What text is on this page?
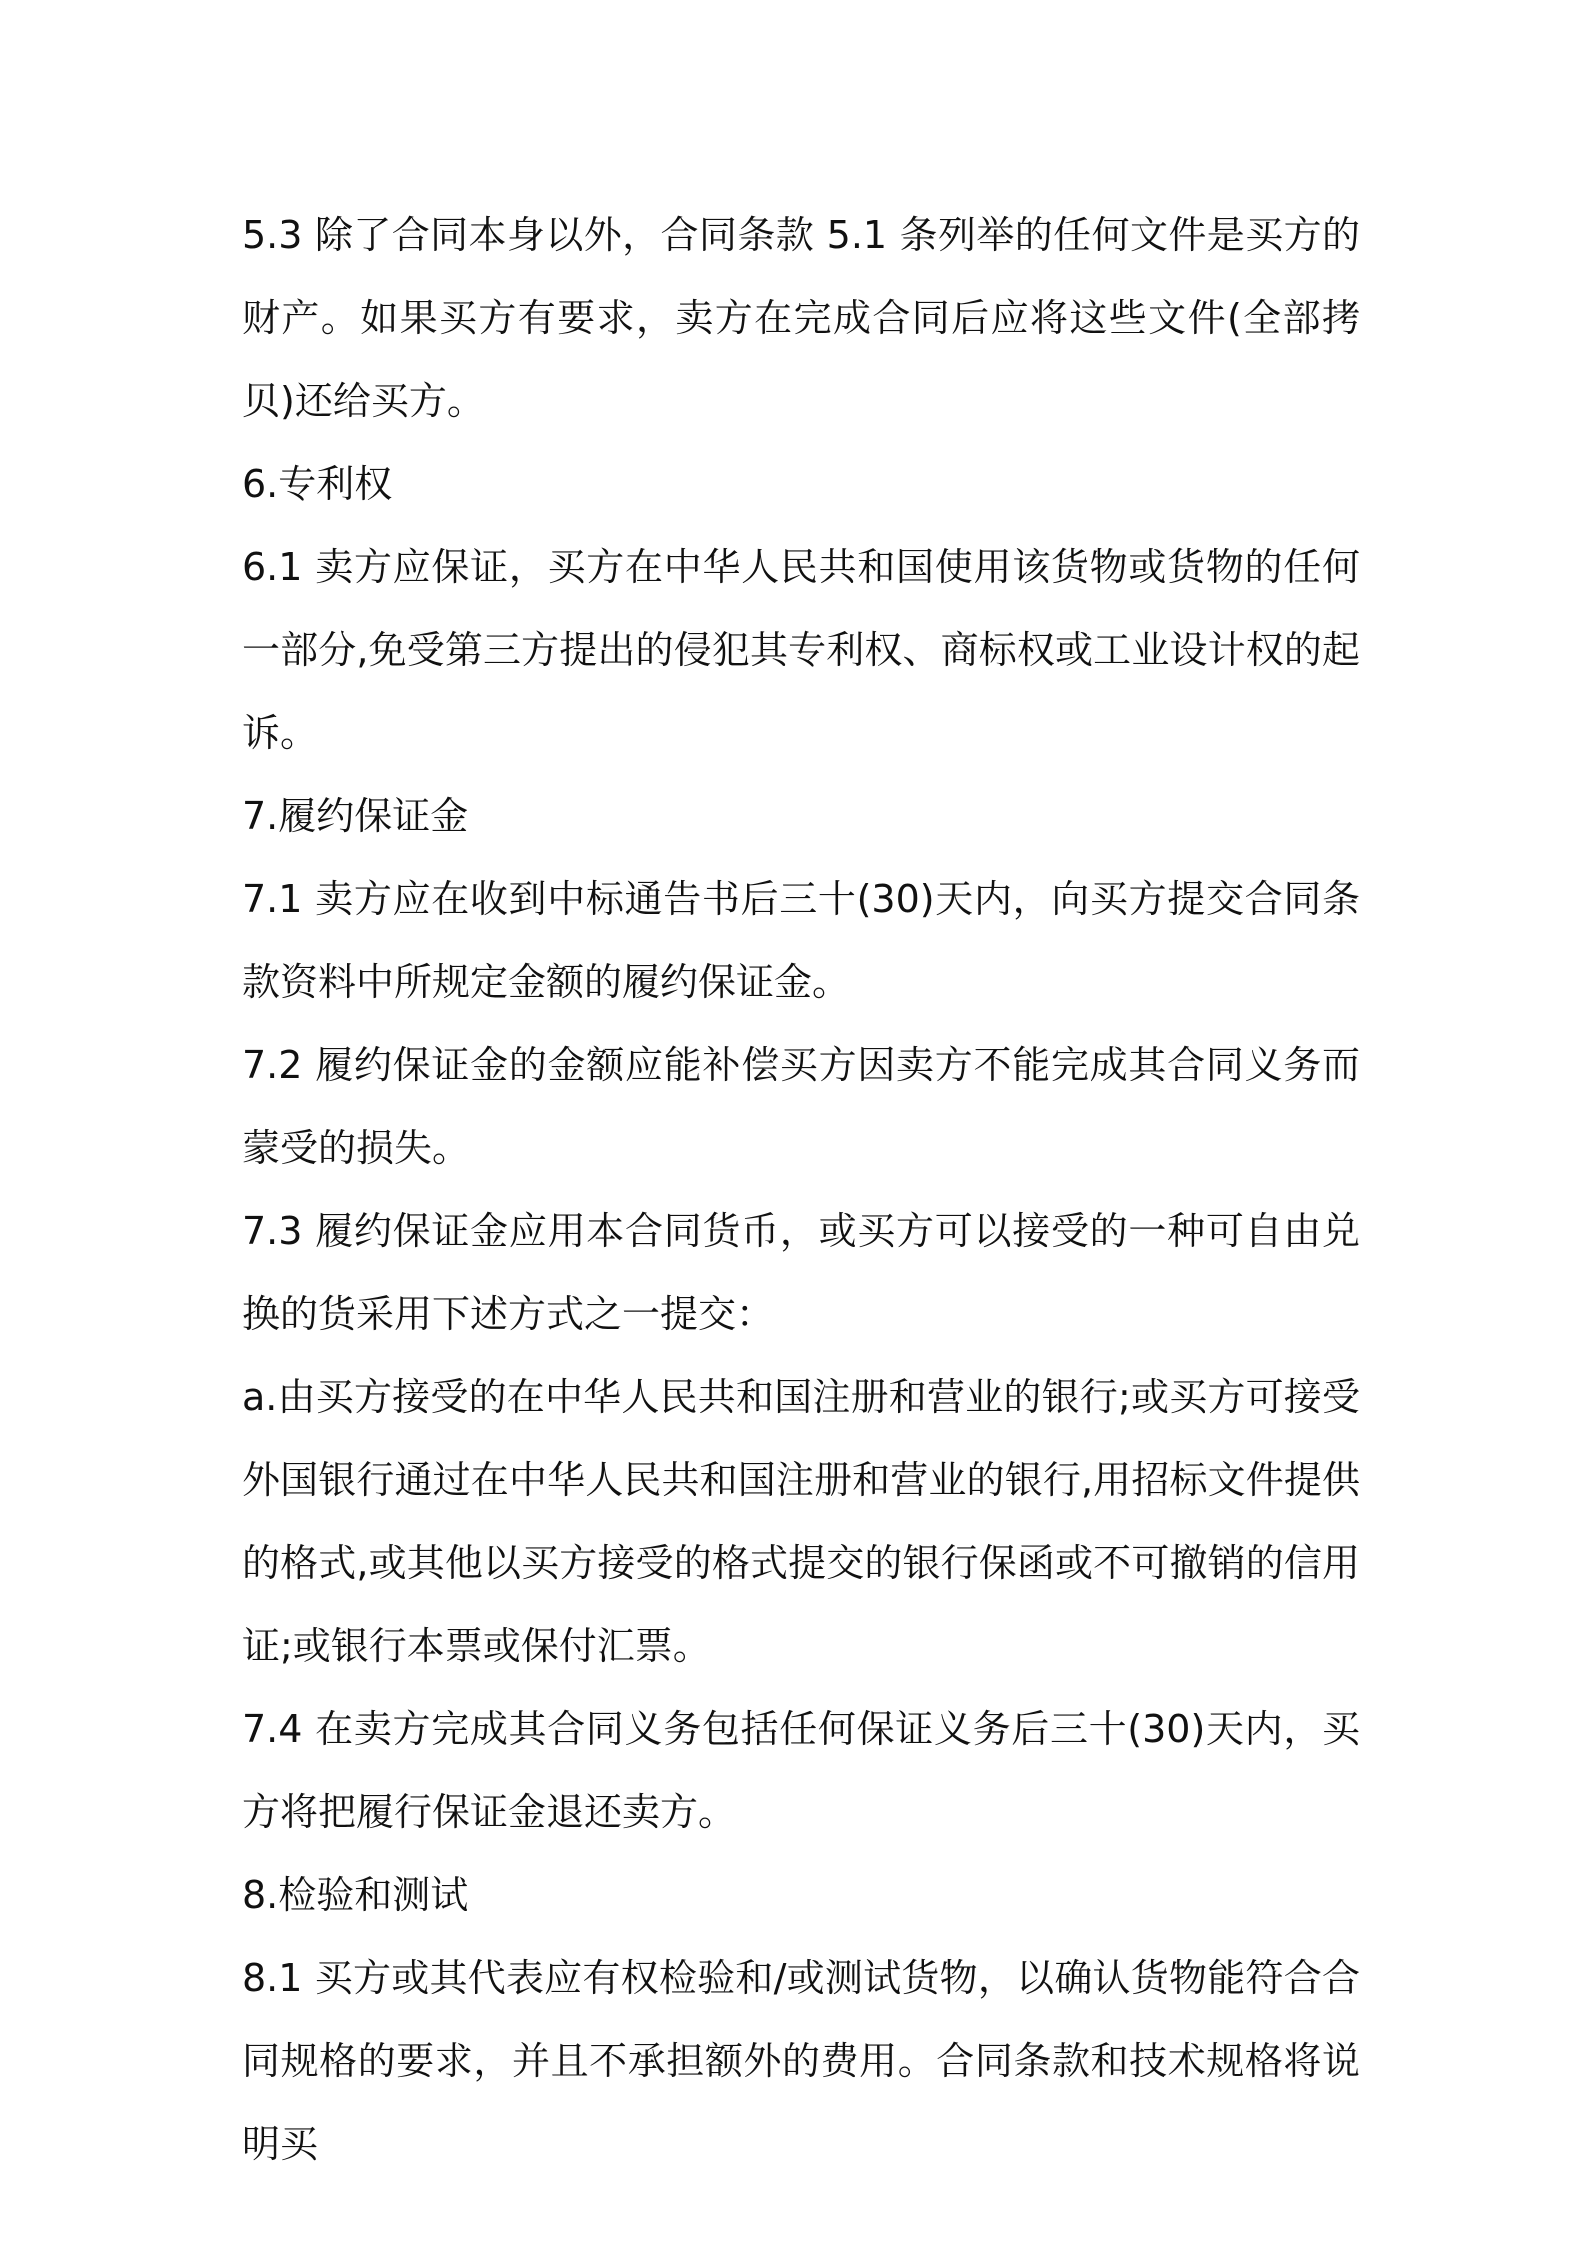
5.3 除了合同本身以外，合同条款 5.1 条列举的任何文件是买方的财产。如果买方有要求，卖方在完成合同后应将这些文件(全部拷贝)还给买方。

6.专利权

6.1 卖方应保证，买方在中华人民共和国使用该货物或货物的任何一部分,免受第三方提出的侵犯其专利权、商标权或工业设计权的起诉。

7.履约保证金

7.1 卖方应在收到中标通告书后三十(30)天内，向买方提交合同条款资料中所规定金额的履约保证金。

7.2 履约保证金的金额应能补偿买方因卖方不能完成其合同义务而蒙受的损失。

7.3 履约保证金应用本合同货币，或买方可以接受的一种可自由兑换的货采用下述方式之一提交：

a.由买方接受的在中华人民共和国注册和营业的银行;或买方可接受外国银行通过在中华人民共和国注册和营业的银行,用招标文件提供的格式,或其他以买方接受的格式提交的银行保函或不可撤销的信用证;或银行本票或保付汇票。

7.4 在卖方完成其合同义务包括任何保证义务后三十(30)天内，买方将把履行保证金退还卖方。

8.检验和测试

8.1 买方或其代表应有权检验和/或测试货物，以确认货物能符合合同规格的要求，并且不承担额外的费用。合同条款和技术规格将说明买
